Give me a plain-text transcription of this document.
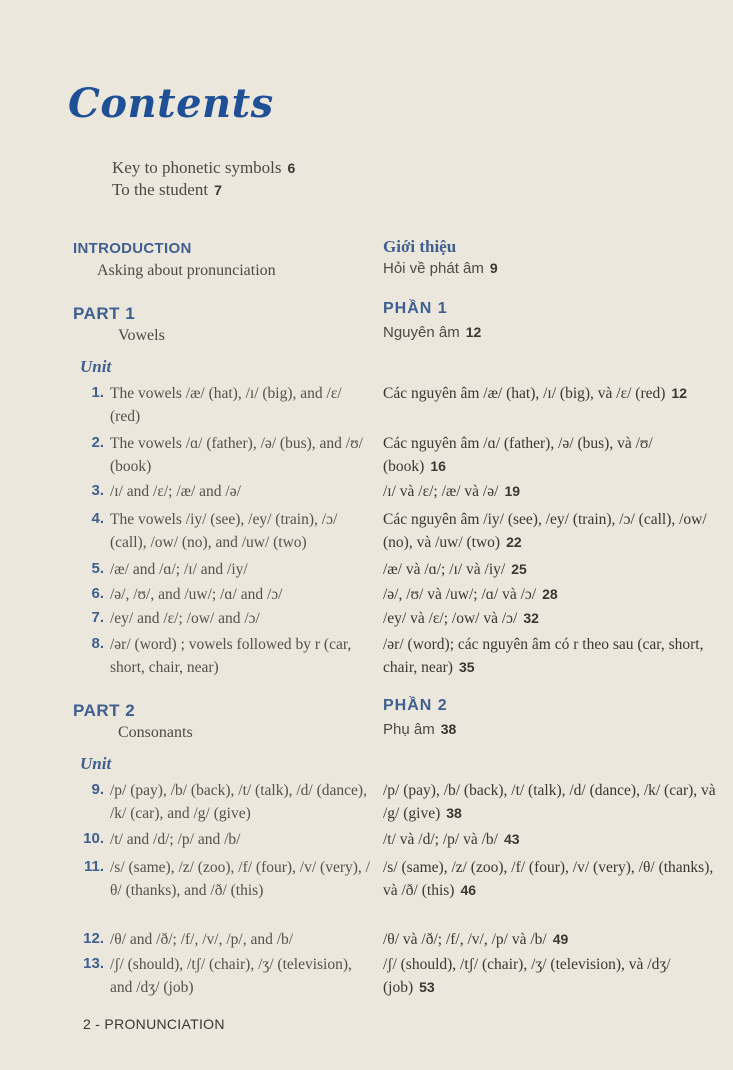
Contents
Key to phonetic symbols 6
To the student 7
INTRODUCTION
Asking about pronunciation
Giới thiệu
Hỏi về phát âm 9
PART 1
Vowels
PHẦN 1
Nguyên âm 12
Unit
1. The vowels /æ/ (hat), /ɪ/ (big), and /ɛ/ (red)
Các nguyên âm /æ/ (hat), /ɪ/ (big), và /ɛ/ (red) 12
2. The vowels /ɑ/ (father), /ə/ (bus), and /ʊ/ (book)
Các nguyên âm /ɑ/ (father), /ə/ (bus), và /ʊ/ (book) 16
3. /ɪ/ and /ɛ/; /æ/ and /ə/	/ɪ/ và /ɛ/; /æ/ và /ə/ 19
4. The vowels /iy/ (see), /ey/ (train), /ɔ/ (call), /ow/ (no), and /uw/ (two)
Các nguyên âm /iy/ (see), /ey/ (train), /ɔ/ (call), /ow/ (no), và /uw/ (two) 22
5. /æ/ and /ɑ/; /ɪ/ and /iy/	/æ/ và /ɑ/; /ɪ/ và /iy/ 25
6. /ə/, /ʊ/, and /uw/; /ɑ/ and /ɔ/	/ə/, /ʊ/ và /uw/; /ɑ/ và /ɔ/ 28
7. /ey/ and /ɛ/; /ow/ and /ɔ/	/ey/ và /ɛ/; /ow/ và /ɔ/ 32
8. /ər/ (word) ; vowels followed by r (car, short, chair, near)
/ər/ (word); các nguyên âm có r theo sau (car, short, chair, near) 35
PART 2
Consonants
PHẦN 2
Phụ âm 38
Unit
9. /p/ (pay), /b/ (back), /t/ (talk), /d/ (dance), /k/ (car), and /g/ (give)
/p/ (pay), /b/ (back), /t/ (talk), /d/ (dance), /k/ (car), và /g/ (give) 38
10. /t/ and /d/; /p/ and /b/	/t/ và /d/; /p/ và /b/ 43
11. /s/ (same), /z/ (zoo), /f/ (four), /v/ (very), /θ/ (thanks), and /ð/ (this)
/s/ (same), /z/ (zoo), /f/ (four), /v/ (very), /θ/ (thanks), và /ð/ (this) 46
12. /θ/ and /ð/; /f/, /v/, /p/, and /b/	/θ/ và /ð/; /f/, /v/, /p/ và /b/ 49
13. /ʃ/ (should), /tʃ/ (chair), /ʒ/ (television), and /dʒ/ (job)
/ʃ/ (should), /tʃ/ (chair), /ʒ/ (television), và /dʒ/ (job) 53
2 - PRONUNCIATION
